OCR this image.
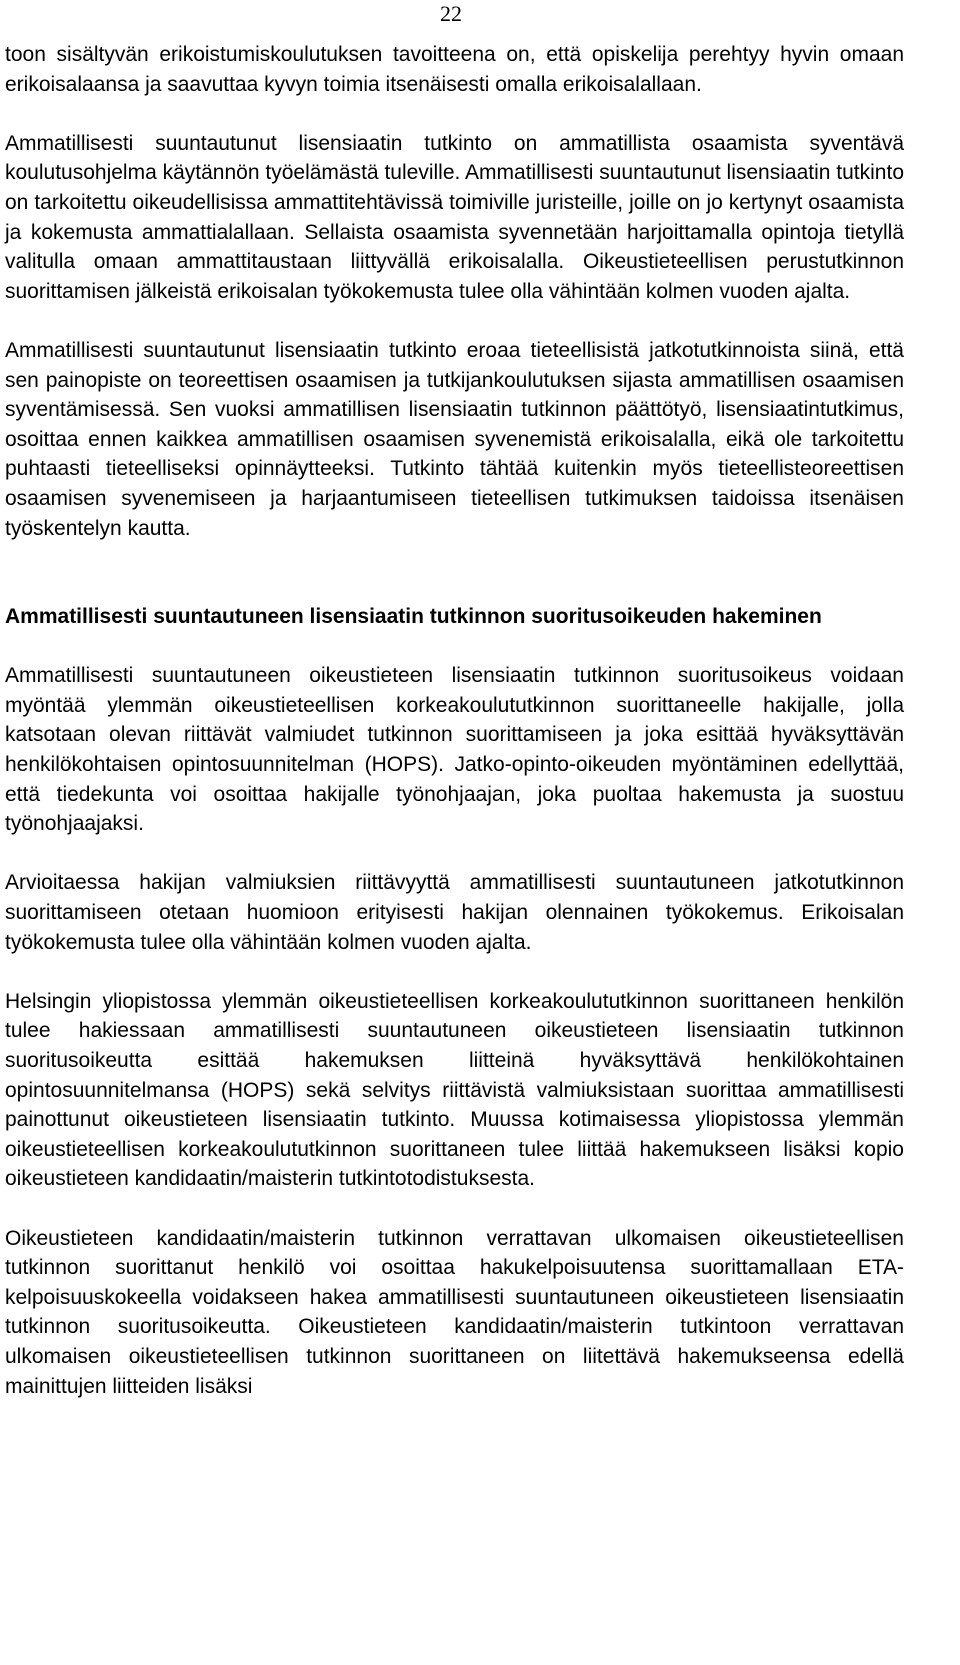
22

toon sisältyvän erikoistumiskoulutuksen tavoitteena on, että opiskelija perehtyy hyvin omaan erikoisalaansa ja saavuttaa kyvyn toimia itsenäisesti omalla erikoisalallaan.

Ammatillisesti suuntautunut lisensiaatin tutkinto on ammatillista osaamista syventävä koulutusohjelma käytännön työelämästä tuleville. Ammatillisesti suuntautunut lisensiaatin tutkinto on tarkoitettu oikeudellisissa ammattitehtävissä toimiville juristeille, joille on jo kertynyt osaamista ja kokemusta ammattialallaan. Sellaista osaamista syvennetään harjoittamalla opintoja tietyllä valitulla omaan ammattitaustaan liittyvällä erikoisalalla. Oikeustieteellisen perustutkinnon suorittamisen jälkeistä erikoisalan työkokemusta tulee olla vähintään kolmen vuoden ajalta.

Ammatillisesti suuntautunut lisensiaatin tutkinto eroaa tieteellisistä jatkotutkinnoista siinä, että sen painopiste on teoreettisen osaamisen ja tutkijankoulutuksen sijasta ammatillisen osaamisen syventämisessä. Sen vuoksi ammatillisen lisensiaatin tutkinnon päättötyö, lisensiaatintutkimus, osoittaa ennen kaikkea ammatillisen osaamisen syvenemistä erikoisalalla, eikä ole tarkoitettu puhtaasti tieteelliseksi opinnäytteeksi. Tutkinto tähtää kuitenkin myös tieteellisteoreettisen osaamisen syvenemiseen ja harjaantumiseen tieteellisen tutkimuksen taidoissa itsenäisen työskentelyn kautta.

Ammatillisesti suuntautuneen lisensiaatin tutkinnon suoritusoikeuden hakeminen

Ammatillisesti suuntautuneen oikeustieteen lisensiaatin tutkinnon suoritusoikeus voidaan myöntää ylemmän oikeustieteellisen korkeakoulututkinnon suorittaneelle hakijalle, jolla katsotaan olevan riittävät valmiudet tutkinnon suorittamiseen ja joka esittää hyväksyttävän henkilökohtaisen opintosuunnitelman (HOPS). Jatko-opinto-oikeuden myöntäminen edellyttää, että tiedekunta voi osoittaa hakijalle työnohjaajan, joka puoltaa hakemusta ja suostuu työnohjaajaksi.

Arvioitaessa hakijan valmiuksien riittävyyttä ammatillisesti suuntautuneen jatkotutkinnon suorittamiseen otetaan huomioon erityisesti hakijan olennainen työkokemus. Erikoisalan työkokemusta tulee olla vähintään kolmen vuoden ajalta.

Helsingin yliopistossa ylemmän oikeustieteellisen korkeakoulututkinnon suorittaneen henkilön tulee hakiessaan ammatillisesti suuntautuneen oikeustieteen lisensiaatin tutkinnon suoritusoikeutta esittää hakemuksen liitteinä hyväksyttävä henkilökohtainen opintosuunnitelmansa (HOPS) sekä selvitys riittävistä valmiuksistaan suorittaa ammatillisesti painottunut oikeustieteen lisensiaatin tutkinto. Muussa kotimaisessa yliopistossa ylemmän oikeustieteellisen korkeakoulututkinnon suorittaneen tulee liittää hakemukseen lisäksi kopio oikeustieteen kandidaatin/maisterin tutkintotodistuksesta.

Oikeustieteen kandidaatin/maisterin tutkinnon verrattavan ulkomaisen oikeustieteellisen tutkinnon suorittanut henkilö voi osoittaa hakukelpoisuutensa suorittamallaan ETA-kelpoisuuskokeella voidakseen hakea ammatillisesti suuntautuneen oikeustieteen lisensiaatin tutkinnon suoritusoikeutta. Oikeustieteen kandidaatin/maisterin tutkintoon verrattavan ulkomaisen oikeustieteellisen tutkinnon suorittaneen on liitettävä hakemukseensa edellä mainittujen liitteiden lisäksi
